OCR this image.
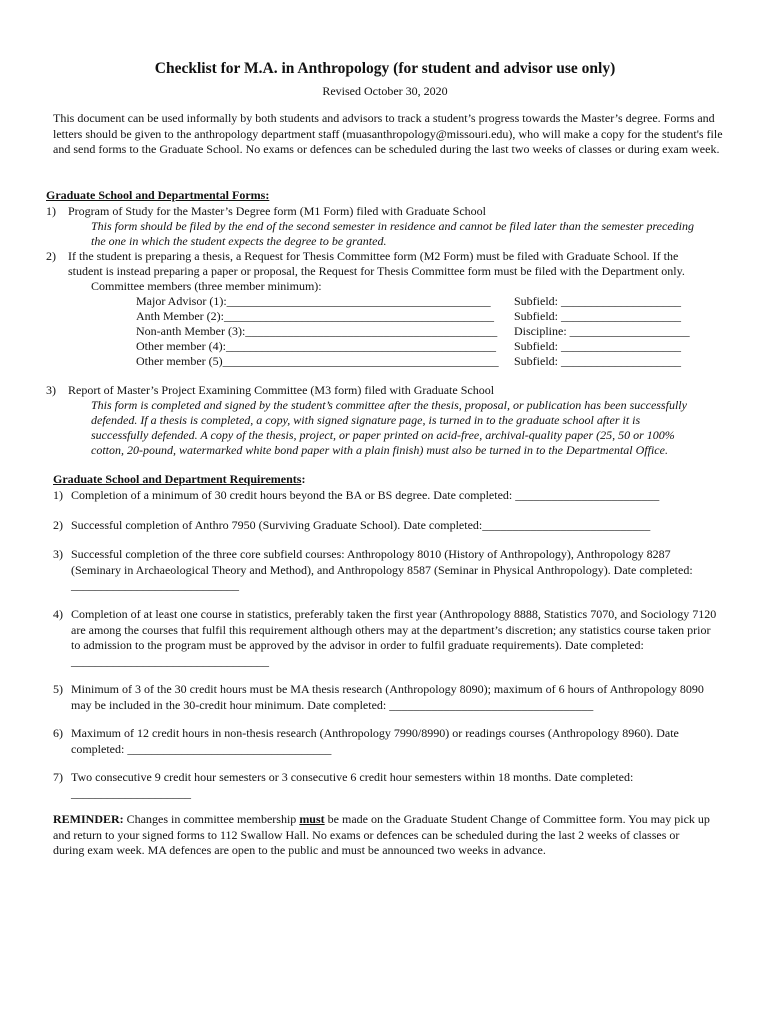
Checklist for M.A. in Anthropology (for student and advisor use only)
Revised October 30, 2020
This document can be used informally by both students and advisors to track a student’s progress towards the Master’s degree. Forms and letters should be given to the anthropology department staff (muasanthropology@missouri.edu), who will make a copy for the student's file and send forms to the Graduate School. No exams or defences can be scheduled during the last two weeks of classes or during exam week.
Graduate School and Departmental Forms:
1) Program of Study for the Master’s Degree form (M1 Form) filed with Graduate School
This form should be filed by the end of the second semester in residence and cannot be filed later than the semester preceding
the one in which the student expects the degree to be granted.
2) If the student is preparing a thesis, a Request for Thesis Committee form (M2 Form) must be filed with Graduate School. If the
student is instead preparing a paper or proposal, the Request for Thesis Committee form must be filed with the Department only.
Committee members (three member minimum):
Major Advisor (1):____________________________________________ Subfield: ____________________
Anth Member (2):_____________________________________________ Subfield: ____________________
Non-anth Member (3):__________________________________________ Discipline: ____________________
Other member (4):_____________________________________________ Subfield: ____________________
Other member (5)______________________________________________ Subfield: ____________________
3) Report of Master’s Project Examining Committee (M3 form) filed with Graduate School
This form is completed and signed by the student’s committee after the thesis, proposal, or publication has been successfully
defended. If a thesis is completed, a copy, with signed signature page, is turned in to the graduate school after it is
successfully defended. A copy of the thesis, project, or paper printed on acid-free, archival-quality paper (25, 50 or 100%
cotton, 20-pound, watermarked white bond paper with a plain finish) must also be turned in to the Departmental Office.
Graduate School and Department Requirements:
1) Completion of a minimum of 30 credit hours beyond the BA or BS degree. Date completed: ________________________
2) Successful completion of Anthro 7950 (Surviving Graduate School). Date completed:____________________________
3) Successful completion of the three core subfield courses: Anthropology 8010 (History of Anthropology), Anthropology 8287 (Seminary in Archaeological Theory and Method), and Anthropology 8587 (Seminar in Physical Anthropology). Date completed: ____________________________
4) Completion of at least one course in statistics, preferably taken the first year (Anthropology 8888, Statistics 7070, and Sociology 7120 are among the courses that fulfil this requirement although others may at the department’s discretion; any statistics course taken prior to admission to the program must be approved by the advisor in order to fulfil graduate requirements). Date completed: _________________________________
5) Minimum of 3 of the 30 credit hours must be MA thesis research (Anthropology 8090); maximum of 6 hours of Anthropology 8090 may be included in the 30-credit hour minimum. Date completed: __________________________________
6) Maximum of 12 credit hours in non-thesis research (Anthropology 7990/8990) or readings courses (Anthropology 8960). Date completed: __________________________________
7) Two consecutive 9 credit hour semesters or 3 consecutive 6 credit hour semesters within 18 months. Date completed: ____________________
REMINDER: Changes in committee membership must be made on the Graduate Student Change of Committee form. You may pick up and return to your signed forms to 112 Swallow Hall. No exams or defences can be scheduled during the last 2 weeks of classes or during exam week. MA defences are open to the public and must be announced two weeks in advance.
